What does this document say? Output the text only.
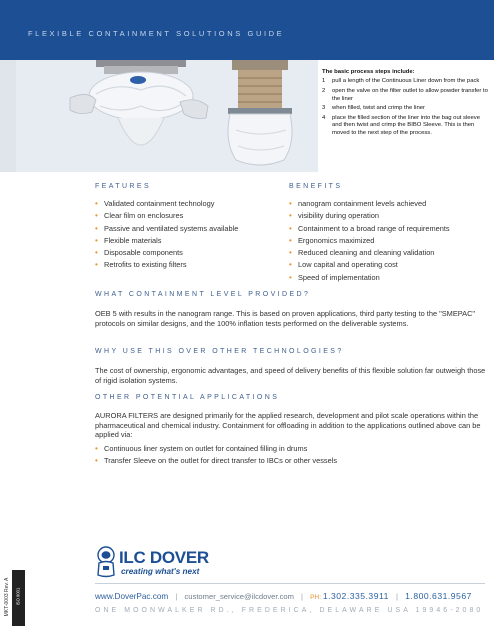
FLEXIBLE CONTAINMENT SOLUTIONS GUIDE
The basic process steps include:
1 pull a length of the Continuous Liner down from the pack
2 open the valve on the filter outlet to allow powder transfer to the liner
3 when filled, twist and crimp the liner
4 place the filled section of the liner into the bag out sleeve and then twist and crimp the BIBO Sleeve. This is then moved to the next step of the process.
FEATURES
• Validated containment technology
• Clear film on enclosures
• Passive and ventilated systems available
• Flexible materials
• Disposable components
• Retrofits to existing filters
BENEFITS
• nanogram containment levels achieved
• visibility during operation
• Containment to a broad range of requirements
• Ergonomics maximized
• Reduced cleaning and cleaning validation
• Low capital and operating cost
• Speed of implementation
WHAT CONTAINMENT LEVEL PROVIDED?
OEB 5 with results in the nanogram range. This is based on proven applications, third party testing to the "SMEPAC" protocols on similar designs, and the 100% inflation tests performed on the deliverable systems.
WHY USE THIS OVER OTHER TECHNOLOGIES?
The cost of ownership, ergonomic advantages, and speed of delivery benefits of this flexible solution far outweigh those of rigid isolation systems.
OTHER POTENTIAL APPLICATIONS
AURORA FILTERS are designed primarily for the applied research, development and pilot scale operations within the pharmaceutical and chemical industry. Containment for offloading in addition to the applications outlined above can be applied via:
• Continuous liner system on outlet for contained filling in drums
• Transfer Sleeve on the outlet for direct transfer to IBCs or other vessels
ILC DOVER
creating what's next
www.DoverPac.com | customer_service@ilcdover.com | PH: 1.302.335.3911 | 1.800.631.9567
ONE MOONWALKER RD., FREDERICA, DELAWARE USA 19946-2080
MKT-0003 Rev. A ISO 9001
